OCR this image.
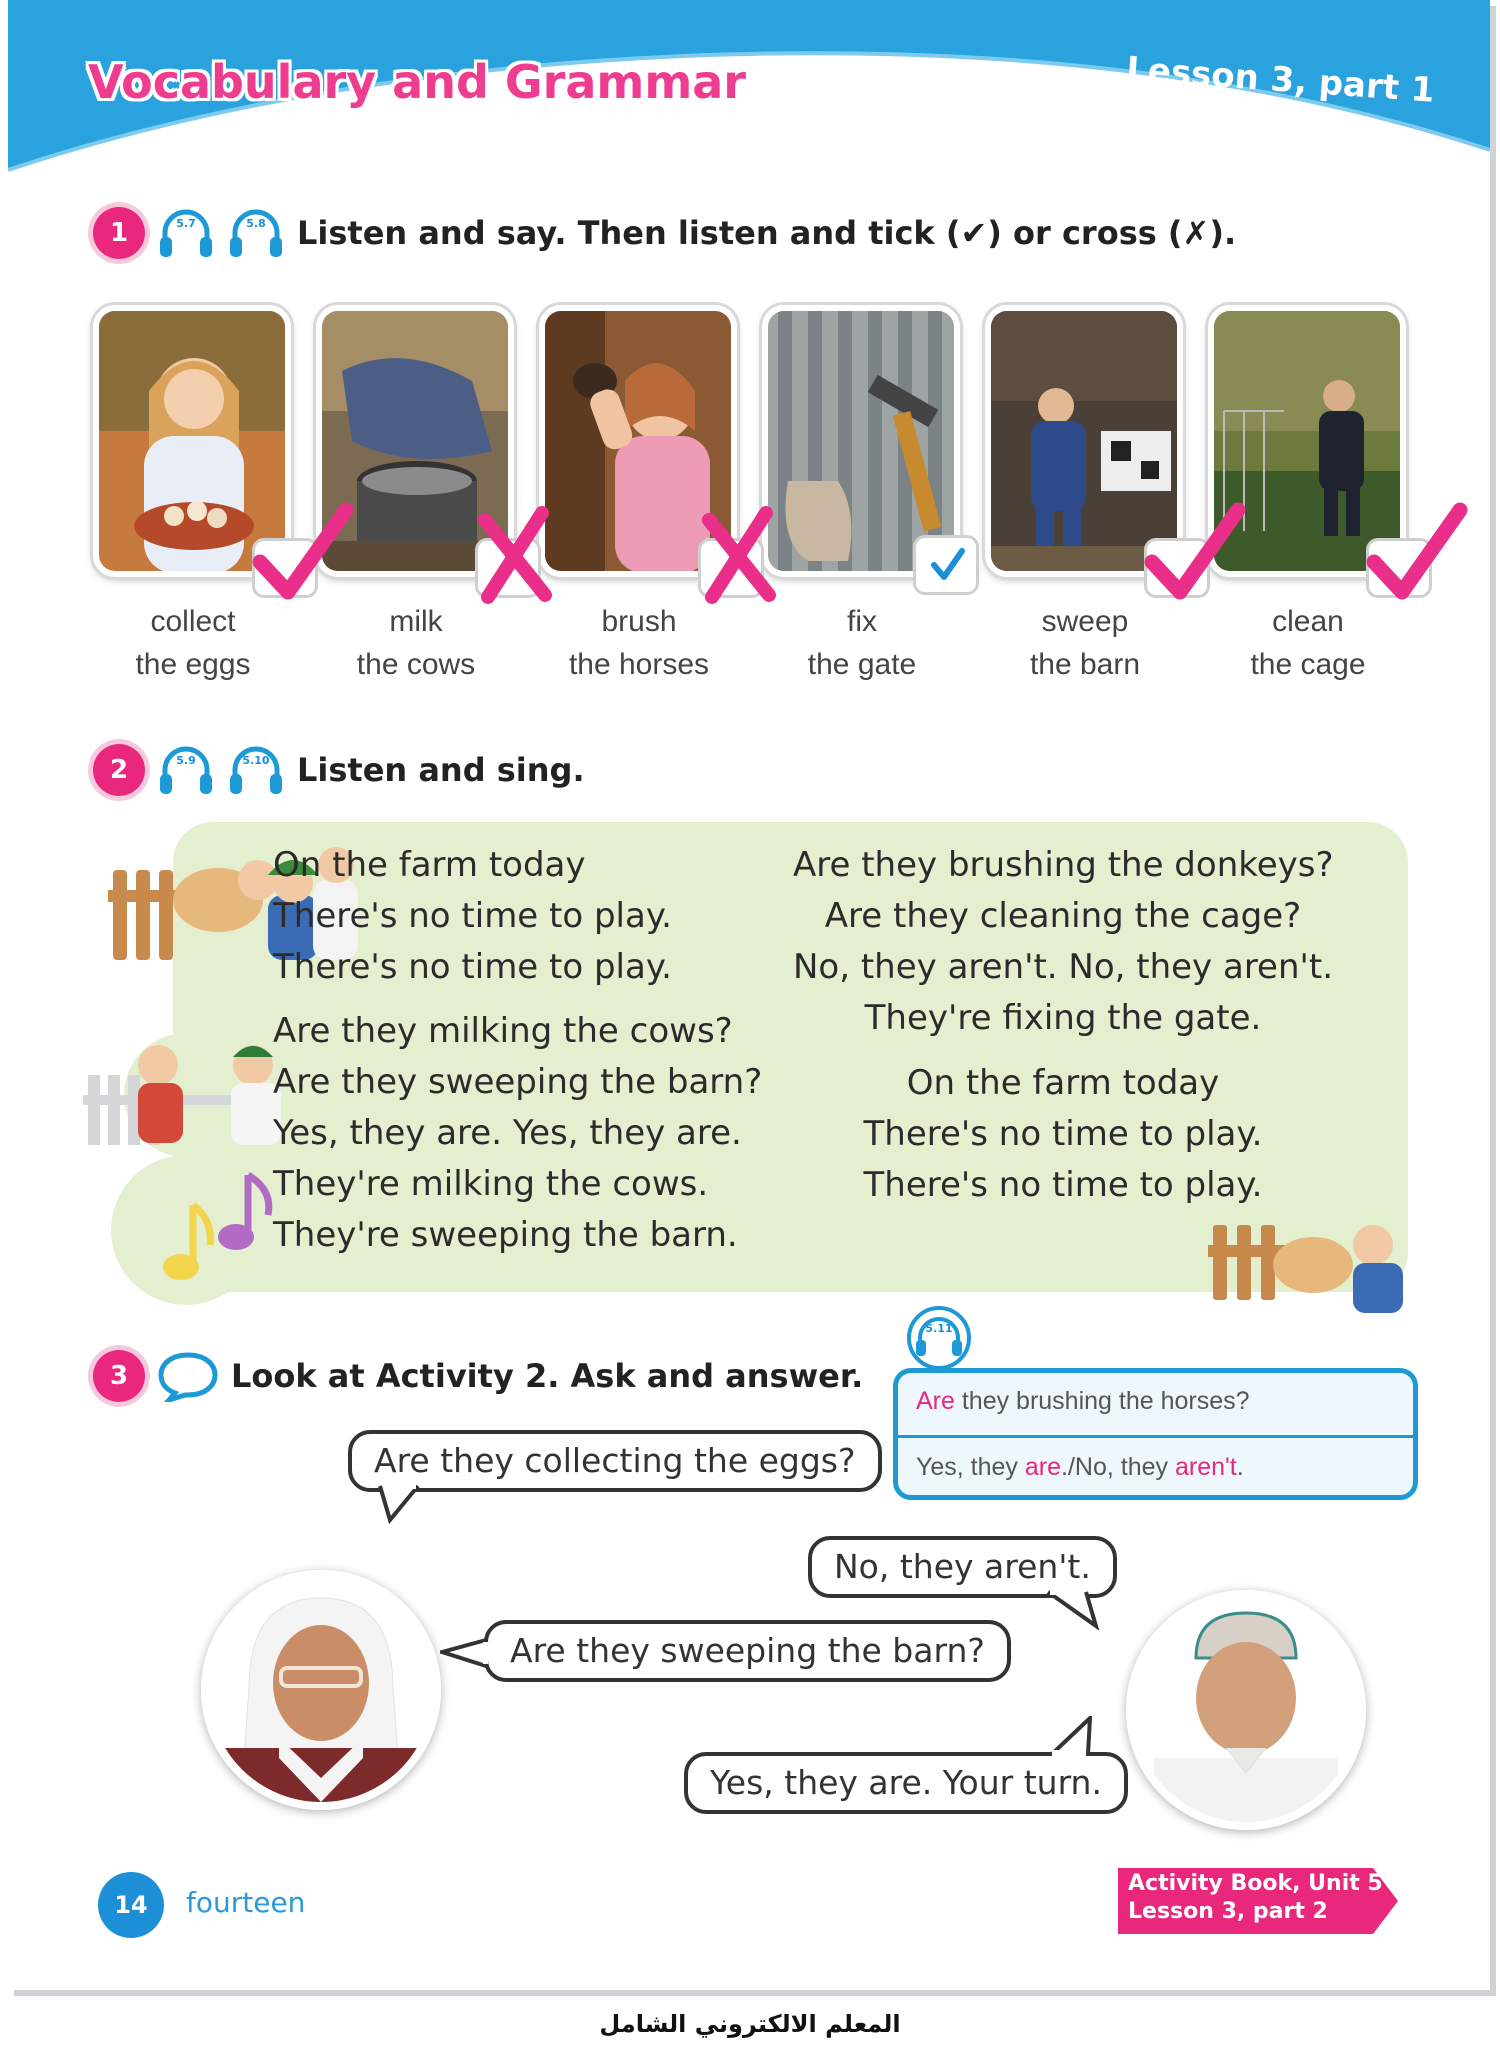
Vocabulary and Grammar	Lesson 3, part 1
1	5.7	5.8 Listen and say. Then listen and tick (✔) or cross (✗).
collect
the eggs
milk
the cows
brush
the horses
fix
the gate
sweep
the barn
clean
the cage
2	5.9	5.10 Listen and sing.
On the farm today
There's no time to play.
There's no time to play.
Are they milking the cows?
Are they sweeping the barn?
Yes, they are. Yes, they are.
They're milking the cows.
They're sweeping the barn.
Are they brushing the donkeys?
Are they cleaning the cage?
No, they aren't. No, they aren't.
They're fixing the gate.
On the farm today
There's no time to play.
There's no time to play.
3	Look at Activity 2. Ask and answer.
5.11
Are they brushing the horses?
Yes, they are./No, they aren't.
Are they collecting the eggs?
No, they aren't.
Are they sweeping the barn?
Yes, they are. Your turn.
14	fourteen
Activity Book, Unit 5
Lesson 3, part 2
المعلم الالكتروني الشامل
